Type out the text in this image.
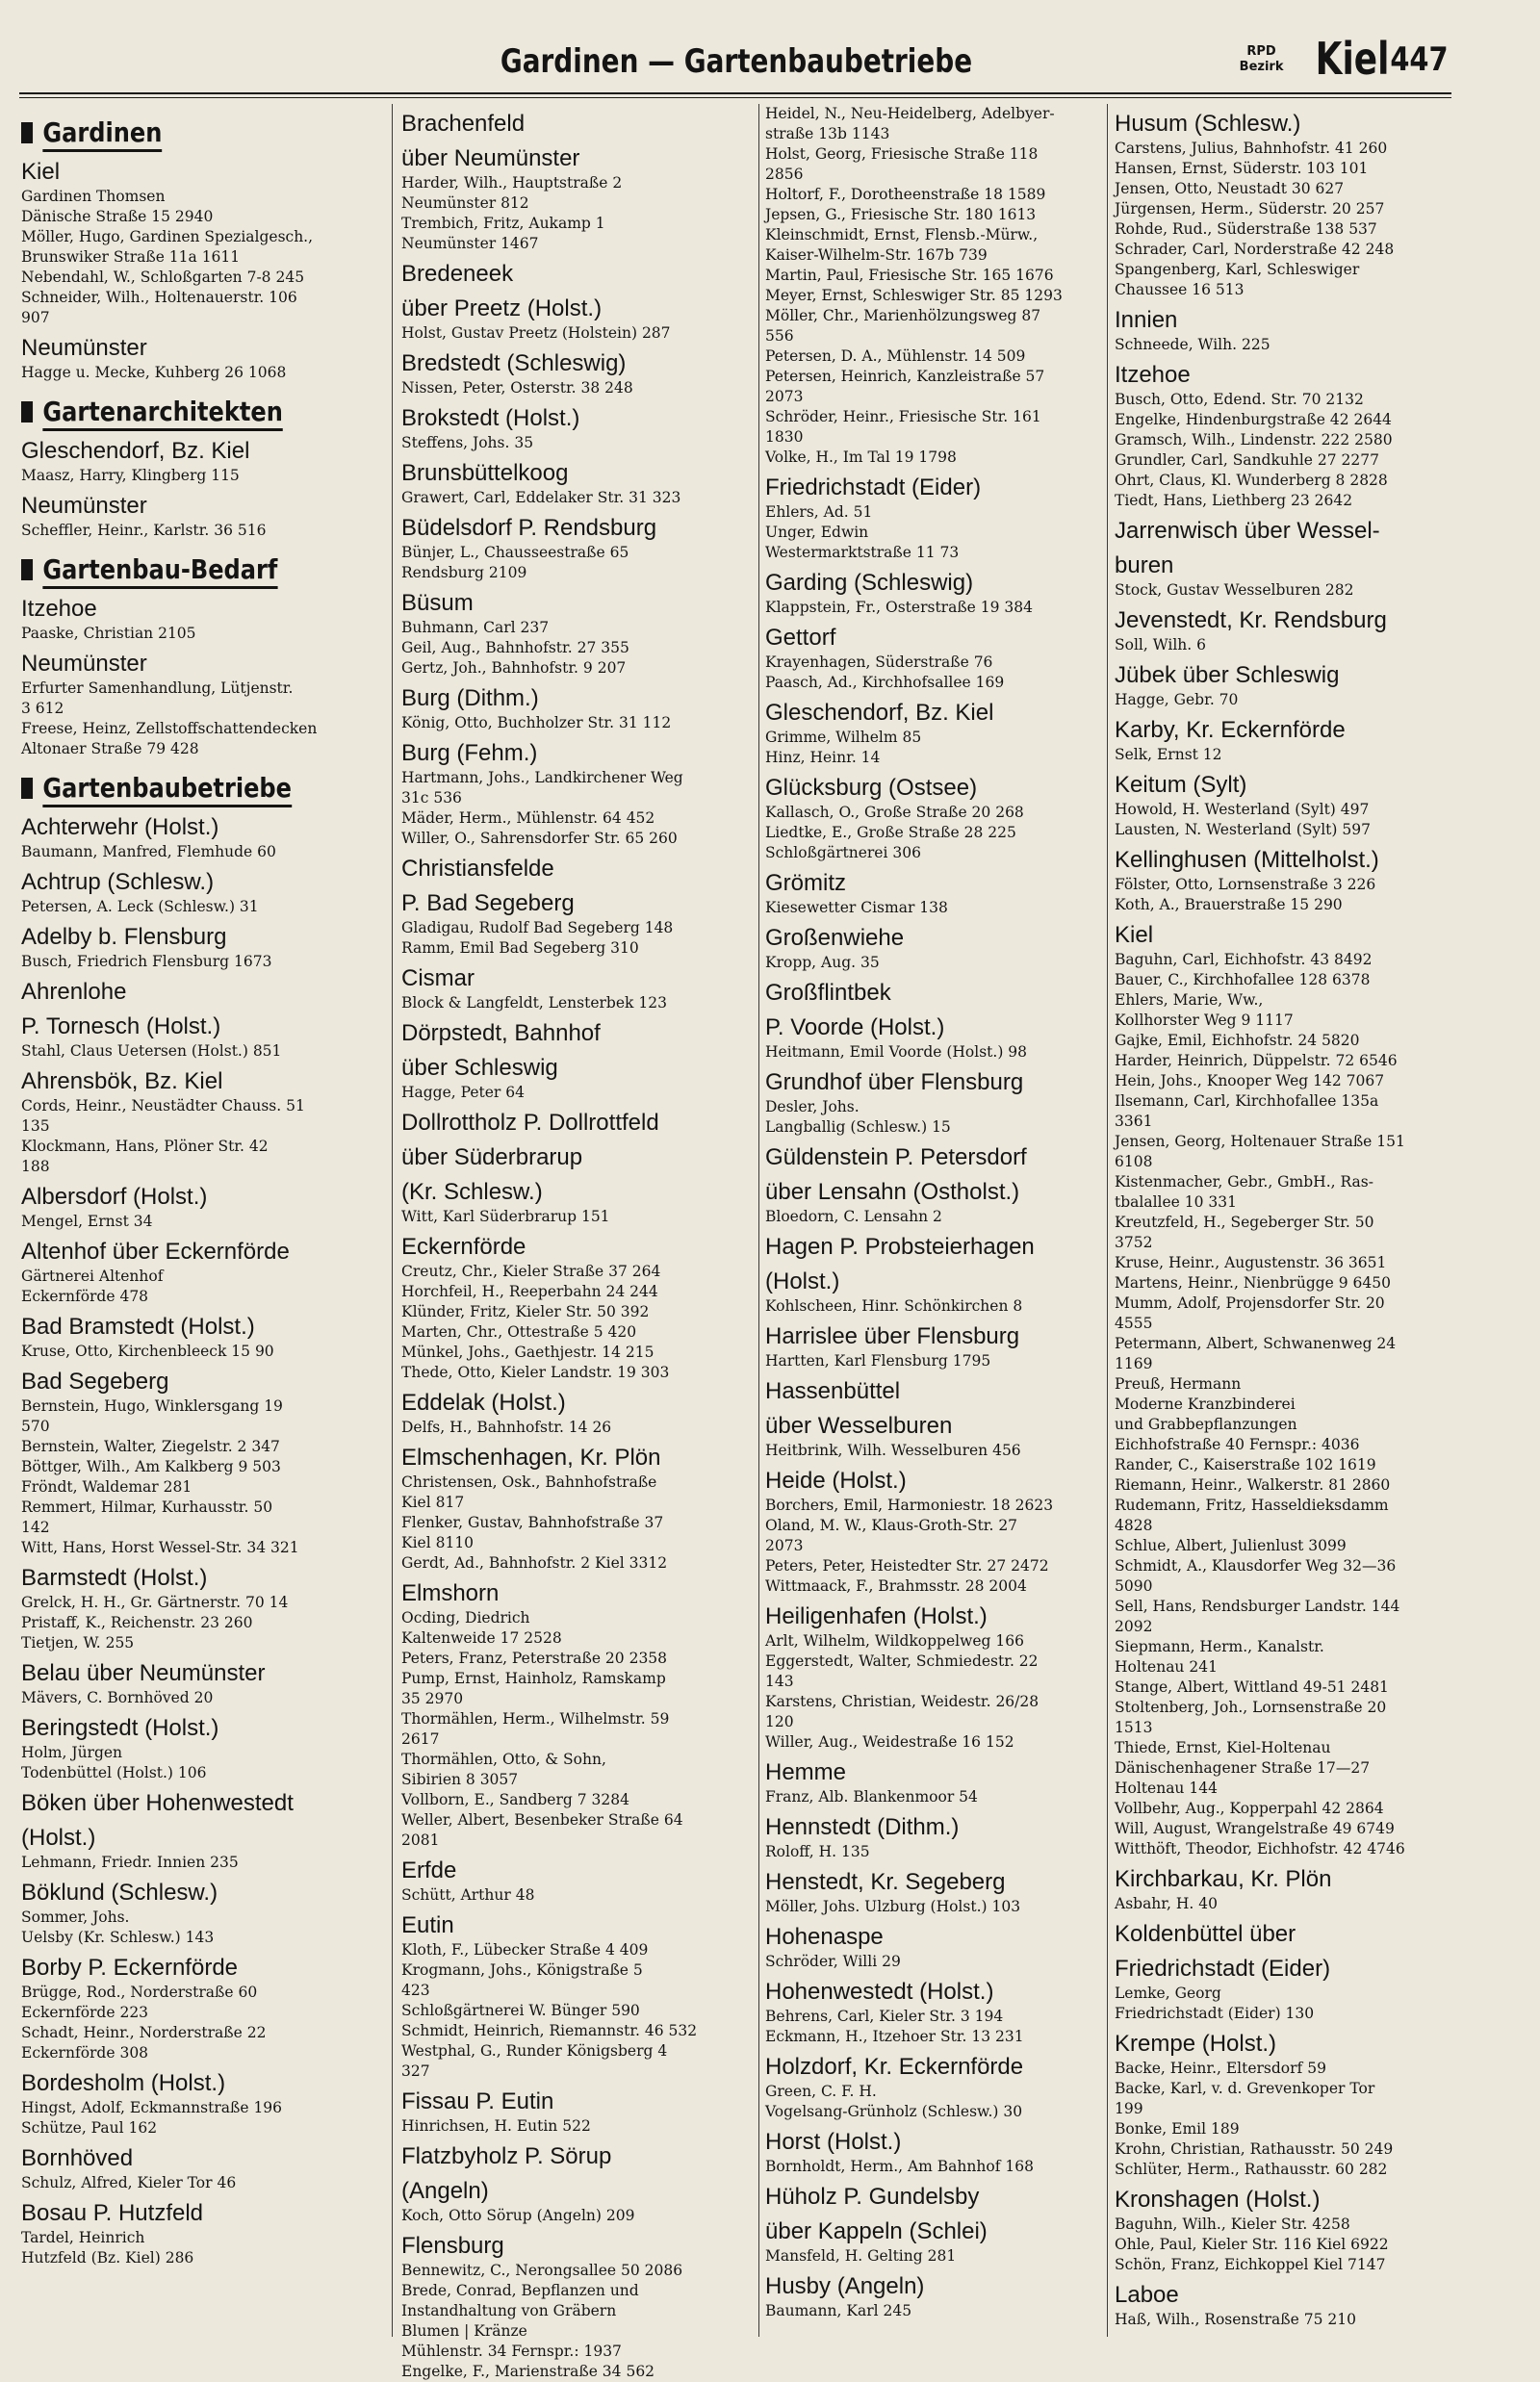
Gardinen — Gartenbaubetriebe	RPD
Bezirk Kiel 447
Gardinen
Kiel
Gardinen Thomsen
Dänische Straße 15 2940
Möller, Hugo, Gardinen Spezialgesch.,
Brunswiker Straße 11a 1611
Nebendahl, W., Schloßgarten 7-8 245
Schneider, Wilh., Holtenauerstr. 106
907
Neumünster
Hagge u. Mecke, Kuhberg 26 1068
Gartenarchitekten
Gleschendorf, Bz. Kiel
Maasz, Harry, Klingberg 115
Neumünster
Scheffler, Heinr., Karlstr. 36 516
Gartenbau-Bedarf
Itzehoe
Paaske, Christian 2105
Neumünster
Erfurter Samenhandlung, Lütjenstr.
3 612
Freese, Heinz, Zellstoffschattendecken
Altonaer Straße 79 428
Gartenbaubetriebe
Achterwehr (Holst.)
Baumann, Manfred, Flemhude 60
Achtrup (Schlesw.)
Petersen, A. Leck (Schlesw.) 31
Adelby b. Flensburg
Busch, Friedrich Flensburg 1673
Ahrenlohe
P. Tornesch (Holst.)
Stahl, Claus Uetersen (Holst.) 851
Ahrensbök, Bz. Kiel
Cords, Heinr., Neustädter Chauss. 51
135
Klockmann, Hans, Plöner Str. 42
188
Albersdorf (Holst.)
Mengel, Ernst 34
Altenhof über Eckernförde
Gärtnerei Altenhof
Eckernförde 478
Bad Bramstedt (Holst.)
Kruse, Otto, Kirchenbleeck 15 90
Bad Segeberg
Bernstein, Hugo, Winklersgang 19
570
Bernstein, Walter, Ziegelstr. 2 347
Böttger, Wilh., Am Kalkberg 9 503
Fröndt, Waldemar 281
Remmert, Hilmar, Kurhausstr. 50
142
Witt, Hans, Horst Wessel-Str. 34 321
Barmstedt (Holst.)
Grelck, H. H., Gr. Gärtnerstr. 70 14
Pristaff, K., Reichenstr. 23 260
Tietjen, W. 255
Belau über Neumünster
Mävers, C. Bornhöved 20
Beringstedt (Holst.)
Holm, Jürgen
Todenbüttel (Holst.) 106
Böken über Hohenwestedt
(Holst.)
Lehmann, Friedr. Innien 235
Böklund (Schlesw.)
Sommer, Johs.
Uelsby (Kr. Schlesw.) 143
Borby P. Eckernförde
Brügge, Rod., Norderstraße 60
Eckernförde 223
Schadt, Heinr., Norderstraße 22
Eckernförde 308
Bordesholm (Holst.)
Hingst, Adolf, Eckmannstraße 196
Schütze, Paul 162
Bornhöved
Schulz, Alfred, Kieler Tor 46
Bosau P. Hutzfeld
Tardel, Heinrich
Hutzfeld (Bz. Kiel) 286
Brachenfeld
über Neumünster
Harder, Wilh., Hauptstraße 2
Neumünster 812
Trembich, Fritz, Aukamp 1
Neumünster 1467
Bredeneek
über Preetz (Holst.)
Holst, Gustav Preetz (Holstein) 287
Bredstedt (Schleswig)
Nissen, Peter, Osterstr. 38 248
Brokstedt (Holst.)
Steffens, Johs. 35
Brunsbüttelkoog
Grawert, Carl, Eddelaker Str. 31 323
Büdelsdorf P. Rendsburg
Bünjer, L., Chausseestraße 65
Rendsburg 2109
Büsum
Buhmann, Carl 237
Geil, Aug., Bahnhofstr. 27 355
Gertz, Joh., Bahnhofstr. 9 207
Burg (Dithm.)
König, Otto, Buchholzer Str. 31 112
Burg (Fehm.)
Hartmann, Johs., Landkirchener Weg
31c 536
Mäder, Herm., Mühlenstr. 64 452
Willer, O., Sahrensdorfer Str. 65 260
Christiansfelde
P. Bad Segeberg
Gladigau, Rudolf Bad Segeberg 148
Ramm, Emil Bad Segeberg 310
Cismar
Block & Langfeldt, Lensterbek 123
Dörpstedt, Bahnhof
über Schleswig
Hagge, Peter 64
Dollrottholz P. Dollrottfeld
über Süderbrarup
(Kr. Schlesw.)
Witt, Karl Süderbrarup 151
Eckernförde
Creutz, Chr., Kieler Straße 37 264
Horchfeil, H., Reeperbahn 24 244
Klünder, Fritz, Kieler Str. 50 392
Marten, Chr., Ottestraße 5 420
Münkel, Johs., Gaethjestr. 14 215
Thede, Otto, Kieler Landstr. 19 303
Eddelak (Holst.)
Delfs, H., Bahnhofstr. 14 26
Elmschenhagen, Kr. Plön
Christensen, Osk., Bahnhofstraße
Kiel 817
Flenker, Gustav, Bahnhofstraße 37
Kiel 8110
Gerdt, Ad., Bahnhofstr. 2 Kiel 3312
Elmshorn
Ocding, Diedrich
Kaltenweide 17 2528
Peters, Franz, Peterstraße 20 2358
Pump, Ernst, Hainholz, Ramskamp
35 2970
Thormählen, Herm., Wilhelmstr. 59
2617
Thormählen, Otto, & Sohn,
Sibirien 8 3057
Vollborn, E., Sandberg 7 3284
Weller, Albert, Besenbeker Straße 64
2081
Erfde
Schütt, Arthur 48
Eutin
Kloth, F., Lübecker Straße 4 409
Krogmann, Johs., Königstraße 5
423
Schloßgärtnerei W. Bünger 590
Schmidt, Heinrich, Riemannstr. 46 532
Westphal, G., Runder Königsberg 4
327
Fissau P. Eutin
Hinrichsen, H. Eutin 522
Flatzbyholz P. Sörup
(Angeln)
Koch, Otto Sörup (Angeln) 209
Flensburg
Bennewitz, C., Nerongsallee 50 2086
Brede, Conrad, Bepflanzen und
Instandhaltung von Gräbern
Blumen | Kränze
Mühlenstr. 34 Fernspr.: 1937
Engelke, F., Marienstraße 34 562
Heidel, N., Neu-Heidelberg, Adelbyer-
straße 13b 1143
Holst, Georg, Friesische Straße 118
2856
Holtorf, F., Dorotheenstraße 18 1589
Jepsen, G., Friesische Str. 180 1613
Kleinschmidt, Ernst, Flensb.-Mürw.,
Kaiser-Wilhelm-Str. 167b 739
Martin, Paul, Friesische Str. 165 1676
Meyer, Ernst, Schleswiger Str. 85 1293
Möller, Chr., Marienhölzungsweg 87
556
Petersen, D. A., Mühlenstr. 14 509
Petersen, Heinrich, Kanzleistraße 57
2073
Schröder, Heinr., Friesische Str. 161
1830
Volke, H., Im Tal 19 1798
Friedrichstadt (Eider)
Ehlers, Ad. 51
Unger, Edwin
Westermarktstraße 11 73
Garding (Schleswig)
Klappstein, Fr., Osterstraße 19 384
Gettorf
Krayenhagen, Süderstraße 76
Paasch, Ad., Kirchhofsallee 169
Gleschendorf, Bz. Kiel
Grimme, Wilhelm 85
Hinz, Heinr. 14
Glücksburg (Ostsee)
Kallasch, O., Große Straße 20 268
Liedtke, E., Große Straße 28 225
Schloßgärtnerei 306
Grömitz
Kiesewetter Cismar 138
Großenwiehe
Kropp, Aug. 35
Großflintbek
P. Voorde (Holst.)
Heitmann, Emil Voorde (Holst.) 98
Grundhof über Flensburg
Desler, Johs.
Langballig (Schlesw.) 15
Güldenstein P. Petersdorf
über Lensahn (Ostholst.)
Bloedorn, C. Lensahn 2
Hagen P. Probsteierhagen
(Holst.)
Kohlscheen, Hinr. Schönkirchen 8
Harrislee über Flensburg
Hartten, Karl Flensburg 1795
Hassenbüttel
über Wesselburen
Heitbrink, Wilh. Wesselburen 456
Heide (Holst.)
Borchers, Emil, Harmoniestr. 18 2623
Oland, M. W., Klaus-Groth-Str. 27
2073
Peters, Peter, Heistedter Str. 27 2472
Wittmaack, F., Brahmsstr. 28 2004
Heiligenhafen (Holst.)
Arlt, Wilhelm, Wildkoppelweg 166
Eggerstedt, Walter, Schmiedestr. 22
143
Karstens, Christian, Weidestr. 26/28
120
Willer, Aug., Weidestraße 16 152
Hemme
Franz, Alb. Blankenmoor 54
Hennstedt (Dithm.)
Roloff, H. 135
Henstedt, Kr. Segeberg
Möller, Johs. Ulzburg (Holst.) 103
Hohenaspe
Schröder, Willi 29
Hohenwestedt (Holst.)
Behrens, Carl, Kieler Str. 3 194
Eckmann, H., Itzehoer Str. 13 231
Holzdorf, Kr. Eckernförde
Green, C. F. H.
Vogelsang-Grünholz (Schlesw.) 30
Horst (Holst.)
Bornholdt, Herm., Am Bahnhof 168
Hüholz P. Gundelsby
über Kappeln (Schlei)
Mansfeld, H. Gelting 281
Husby (Angeln)
Baumann, Karl 245
Husum (Schlesw.)
Carstens, Julius, Bahnhofstr. 41 260
Hansen, Ernst, Süderstr. 103 101
Jensen, Otto, Neustadt 30 627
Jürgensen, Herm., Süderstr. 20 257
Rohde, Rud., Süderstraße 138 537
Schrader, Carl, Norderstraße 42 248
Spangenberg, Karl, Schleswiger
Chaussee 16 513
Innien
Schneede, Wilh. 225
Itzehoe
Busch, Otto, Edend. Str. 70 2132
Engelke, Hindenburgstraße 42 2644
Gramsch, Wilh., Lindenstr. 222 2580
Grundler, Carl, Sandkuhle 27 2277
Ohrt, Claus, Kl. Wunderberg 8 2828
Tiedt, Hans, Liethberg 23 2642
Jarrenwisch über Wessel-
buren
Stock, Gustav Wesselburen 282
Jevenstedt, Kr. Rendsburg
Soll, Wilh. 6
Jübek über Schleswig
Hagge, Gebr. 70
Karby, Kr. Eckernförde
Selk, Ernst 12
Keitum (Sylt)
Howold, H. Westerland (Sylt) 497
Lausten, N. Westerland (Sylt) 597
Kellinghusen (Mittelholst.)
Fölster, Otto, Lornsenstraße 3 226
Koth, A., Brauerstraße 15 290
Kiel
Baguhn, Carl, Eichhofstr. 43 8492
Bauer, C., Kirchhofallee 128 6378
Ehlers, Marie, Ww.,
Kollhorster Weg 9 1117
Gajke, Emil, Eichhofstr. 24 5820
Harder, Heinrich, Düppelstr. 72 6546
Hein, Johs., Knooper Weg 142 7067
Ilsemann, Carl, Kirchhofallee 135a
3361
Jensen, Georg, Holtenauer Straße 151
6108
Kistenmacher, Gebr., GmbH., Ras-
tbalallee 10 331
Kreutzfeld, H., Segeberger Str. 50
3752
Kruse, Heinr., Augustenstr. 36 3651
Martens, Heinr., Nienbrügge 9 6450
Mumm, Adolf, Projensdorfer Str. 20
4555
Petermann, Albert, Schwanenweg 24
1169
Preuß, Hermann
Moderne Kranzbinderei
und Grabbepflanzungen
Eichhofstraße 40 Fernspr.: 4036
Rander, C., Kaiserstraße 102 1619
Riemann, Heinr., Walkerstr. 81 2860
Rudemann, Fritz, Hasseldieksdamm
4828
Schlue, Albert, Julienlust 3099
Schmidt, A., Klausdorfer Weg 32—36
5090
Sell, Hans, Rendsburger Landstr. 144
2092
Siepmann, Herm., Kanalstr.
Holtenau 241
Stange, Albert, Wittland 49-51 2481
Stoltenberg, Joh., Lornsenstraße 20
1513
Thiede, Ernst, Kiel-Holtenau
Dänischenhagener Straße 17—27
Holtenau 144
Vollbehr, Aug., Kopperpahl 42 2864
Will, August, Wrangelstraße 49 6749
Witthöft, Theodor, Eichhofstr. 42 4746
Kirchbarkau, Kr. Plön
Asbahr, H. 40
Koldenbüttel über
Friedrichstadt (Eider)
Lemke, Georg
Friedrichstadt (Eider) 130
Krempe (Holst.)
Backe, Heinr., Eltersdorf 59
Backe, Karl, v. d. Grevenkoper Tor
199
Bonke, Emil 189
Krohn, Christian, Rathausstr. 50 249
Schlüter, Herm., Rathausstr. 60 282
Kronshagen (Holst.)
Baguhn, Wilh., Kieler Str. 4258
Ohle, Paul, Kieler Str. 116 Kiel 6922
Schön, Franz, Eichkoppel Kiel 7147
Laboe
Haß, Wilh., Rosenstraße 75 210
